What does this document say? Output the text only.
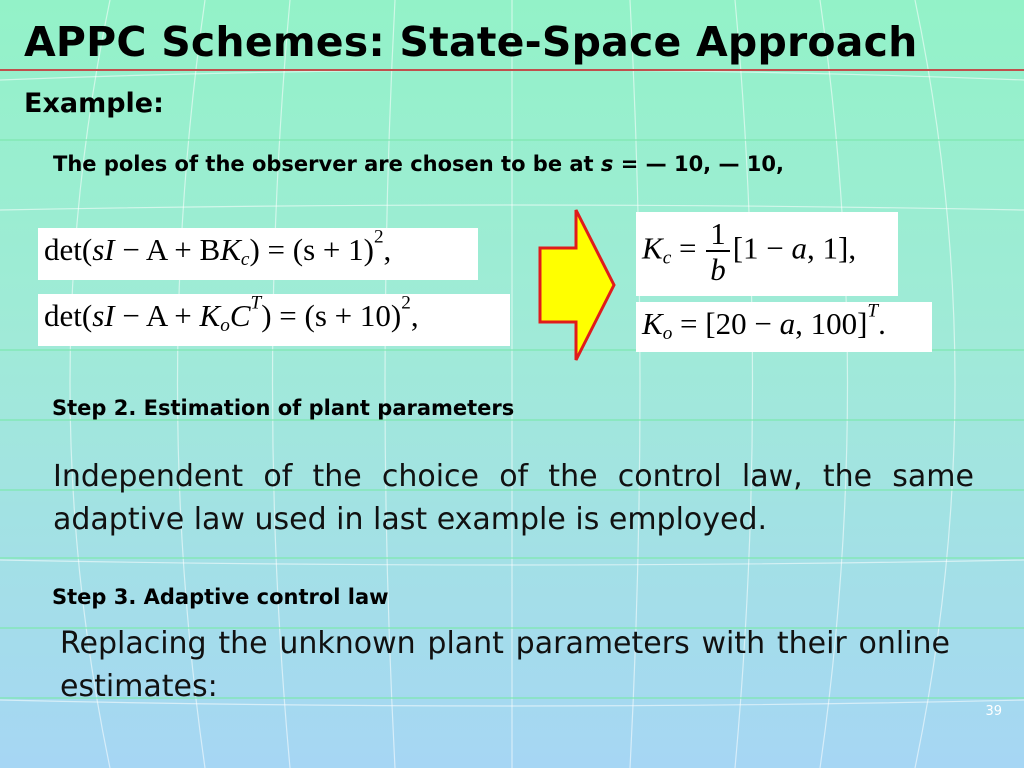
APPC Schemes: State-Space Approach
Example:
The poles of the observer are chosen to be at s = — 10, — 10,
$\det(sI - A + BK_c) = (s + 1)^2$,
$\det(sI - A + K_oC^T) = (s + 10)^2$,
$K_c = \frac{1}{b} [1 - a$, 1],
$K_o = [20 - a$, 100]$^T$.
Step 2. Estimation of plant parameters

Independent of the choice of the control law, the same adaptive law used in last example is employed.

Step 3. Adaptive control law

Replacing the unknown plant parameters with their online estimates:

39
